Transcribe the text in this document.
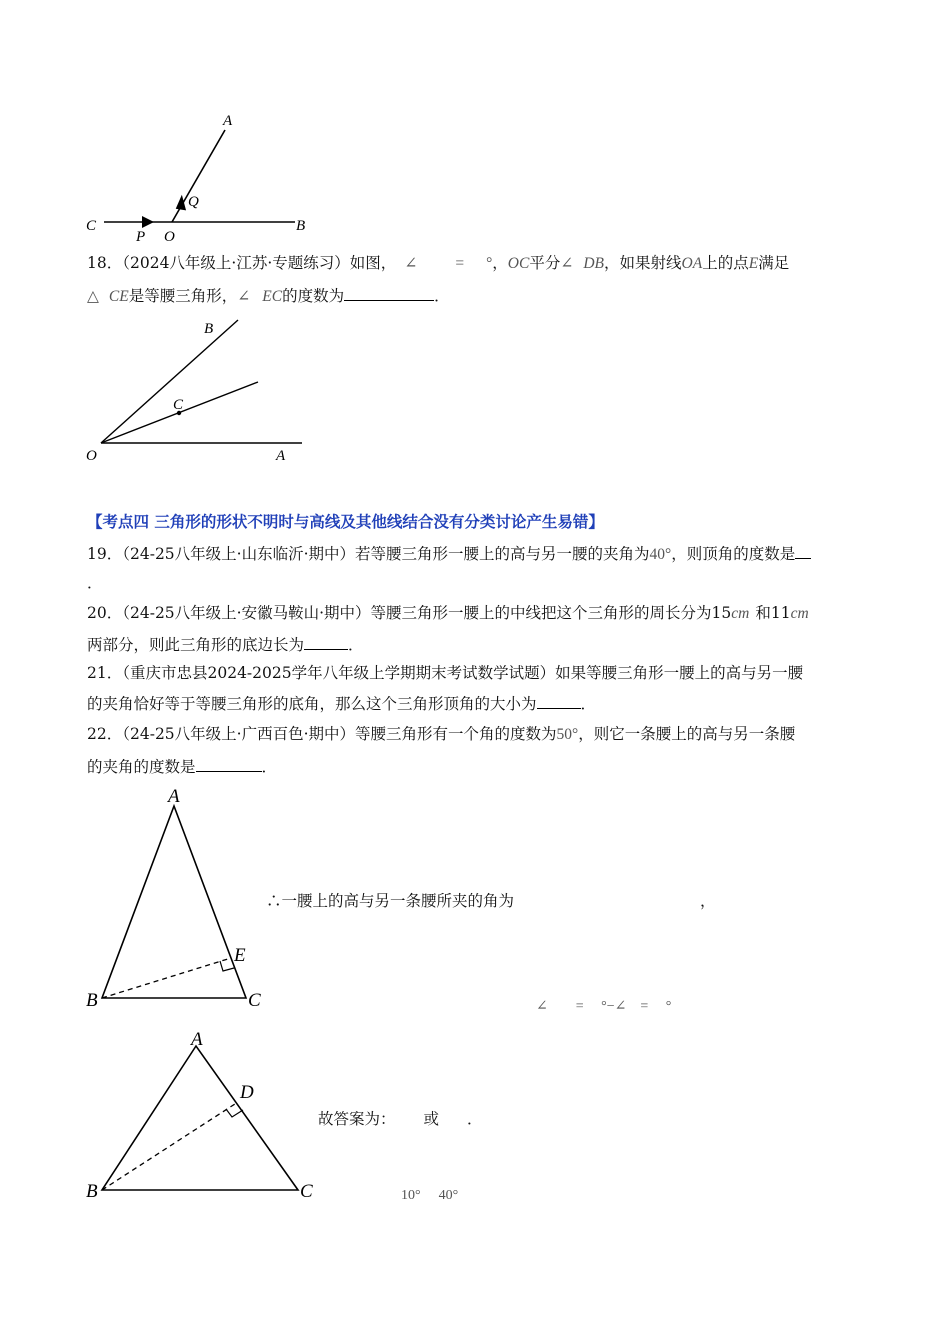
A
Q
C
P O
B
18．（2024八年级上·江苏·专题练习）如图， ∠ = °，OC平分∠ DB，如果射线OA上的点E满足
△ CE是等腰三角形，∠ EC的度数为	．
B
C
O	A
【考点四 三角形的形状不明时与高线及其他线结合没有分类讨论产生易错】
19．（24-25八年级上·山东临沂·期中）若等腰三角形一腰上的高与另一腰的夹角为40°，则顶角的度数是
．
20．（24-25八年级上·安徽马鞍山·期中）等腰三角形一腰上的中线把这个三角形的周长分为15cm 和11cm
两部分，则此三角形的底边长为	．
21．（重庆市忠县2024-2025学年八年级上学期期末考试数学试题）如果等腰三角形一腰上的高与另一腰
的夹角恰好等于等腰三角形的底角，那么这个三角形顶角的大小为	．
22．（24-25八年级上·广西百色·期中）等腰三角形有一个角的度数为50°，则它一条腰上的高与另一条腰
的夹角的度数是	．
A
E
B	C
A
D
B	C
∴一腰上的高与另一条腰所夹的角为	，
∠        =     °−∠    =     °
故答案为： 或 ．
10° 40°
